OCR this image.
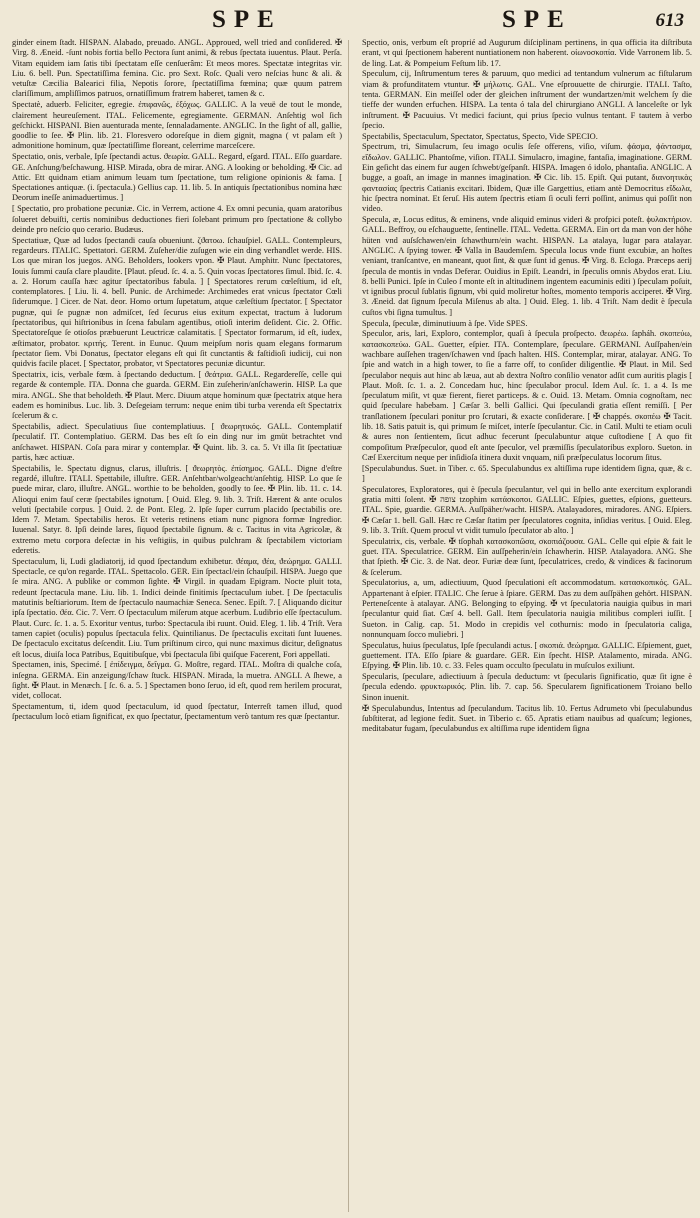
SPE	SPE	613

ginder einem ſtadt. HISPAN. Alabado, preuado. ANGL. Approued, well tried and conſidered. ✠ Virg. 8. Æneid. ‑ſunt nobis fortia bello Pectora ſunt animi, & rebus ſpectata iuuentus. Plaut. Perſa. Vitam equidem iam ſatis tibi ſpectatam eſſe cenſuerâm: Et meos mores. Spectatæ integritas vir. Liu. 6. bell. Pun. Spectatiſſima femina. Cic. pro Sext. Roſc. Quali vero neſcias hunc & ali. & vetuſtæ Cæcilia Balearici filia, Nepotis ſorore, ſpectatiſſima fœmina; quæ quum patrem clariſſimum, ampliſſimos patruos, ornatiſſimum fratrem haberet, tamen & c.

Spectatè, aduerb. Feliciter, egregie. ἐπιφανῶς, ἐξόχως. GALLIC. A la veuë de tout le monde, clairement heureuſement. ITAL. Felicemente, egregiamente. GERMAN. Anſehtig wol ſich geſchickt. HISPANI. Bien auenturada mente, ſennaladamente. ANGLIC. In the ſight of all, gallie, goodlie to ſee. ✠ Plin. lib. 21. Floresvero odoreſque in diem gignit, magna ( vt palam eſt ) admonitione hominum, quæ ſpectatiſſime floreant, celerrime marceſcere.

Spectatio, onis, verbale, Ipſe ſpectandi actus. ϑεωρία. GALL. Regard, eſgard. ITAL. Eſſo guardare. GE. Anſchung/beſchawung. HISP. Mirada, obra de mirar. ANG. A looking or beholding. ✠ Cic. ad Attic. Ett quidnam etiam animum leuam tum ſpectatione, tum religione opinionis & fama. [ Spectationes antiquæ. (i. ſpectacula.) Gellius cap. 11. lib. 5. In antiquis ſpectationibus nomina hæc Deorum ineſſe animaduertimus. ]

[ Spectatio, pro probatione pecuniæ. Cic. in Verrem, actione 4. Ex omni pecunia, quam aratoribus ſolueret debuiſti, certis nominibus deductiones fieri ſolebant primum pro ſpectatione & collybo deinde pro neſcio quo cerario. Budæus.

Spectatiuæ, Quæ ad ludos ſpectandi cauſa obueniunt. ζϑατοω. ſchauſpiel. GALL. Contempleurs, regardeurs. ITALIC. Spettatori. GERM. Zuſeher/die zuſugen wie ein ding verhandlet werde. HIS. Los que miran los juegos. ANG. Beholders, lookers vpon. ✠ Plaut. Amphitr. Nunc ſpectatores, Iouis ſummi cauſa clare plaudite. [Plaut. pſeud. ſc. 4. a. 5. Quin vocas ſpectatores ſimul. Ibid. ſc. 4. a. 2. Horum cauſſa hæc agitur ſpectatoribus fabula. ] [ Spectatores rerum cœleſtium, id eſt, contemplatores. [ Liu. li. 4. bell. Punic. de Archimede: Archimedes erat vnicus ſpectator Cœli ſiderumque. ] Cicer. de Nat. deor. Homo ortum ſupetatum, atque cæleſtium ſpectator. [ Spectator pugnæ, qui ſe pugnæ non admiſcet, ſed ſecurus eius exitum expectat, tractum à ludorum ſpectatoribus, qui hiſtrionibus in ſcena fabulam agentibus, otioſi interim deſident. Cic. 2. Offic. Spectatoreſque ſe otioſos præbuerunt Leuctricæ calamitatis. [ Spectator formarum, id eſt, iudex, æſtimator, probator. κριτής. Terent. in Eunuc. Quum meipſum noris quam elegans formarum ſpectator ſiem. Vbi Donatus, ſpectator elegans eſt qui ſit cunctantis & faſtidioſi iudicij, cui non quidvis facile placet. [ Spectator, probator, vt Spectatores pecuniæ dicuntur.

Spectatrix, icis, verbale fœm. à ſpectando deductum. [ ϑεάτρια. GALL. Regardereſſe, celle qui regarde & contemple. ITA. Donna che guarda. GERM. Ein zuſeherin/anſchawerin. HISP. La que mira. ANGL. She that beholdeth. ✠ Plaut. Merc. Diuum atque hominum quæ ſpectatrix atque hera eadem es hominibus. Luc. lib. 3. Deſegeiam terrum: neque enim tibi turba verenda eſt Spectatrix ſcelerum & c.

Spectabilis, adiect. Speculatiuus ſiue contemplatiuus. [ ϑεωρητικός. GALL. Contemplatif ſpeculatif. IT. Contemplatiuo. GERM. Das bes eſt ſo ein ding nur im gmüt betrachtet vnd anſchawet. HISPAN. Coſa para mirar y contemplar. ✠ Quint. lib. 3. ca. 5. Vt illa ſit ſpectatiuæ partis, hæc actiuæ.

Spectabilis, le. Spectatu dignus, clarus, illuſtris. [ ϑεωρητὸς. ἐπίσημος. GALL. Digne d'eſtre regardé, illuſtre. ITALI. Spettabile, illuſtre. GER. Anſehtbar/wolgeacht/anſehtig. HISP. Lo que ſe puede mirar, claro, illuſtre. ANGL. worthie to be beholden, goodly to ſee. ✠ Plin. lib. 11. c. 14. Alioqui enim fauſ ceræ ſpectabiles ignotum. [ Ouid. Eleg. 9. lib. 3. Triſt. Hærent & ante oculos veluti ſpectabile corpus. ] Ouid. 2. de Pont. Eleg. 2. Ipſe ſuper currum placido ſpectabilis ore. Idem 7. Metam. Spectabilis heros. Et veteris retinens etiam nunc pignora formæ Ingredior. Iuuenal. Satyr. 8. Ipſi deinde lares, ſiquod ſpectabile ſignum. & c. Tacitus in vita Agricolæ, & extremo metu corpora deſectæ in his veſtigiis, in quibus pulchram & ſpectabilem victoriam ederetis.

Spectaculum, li, Ludi gladiatorij, id quod ſpectandum exhibetur. ϑέαμα, ϑέα, ϑεώρημα. GALLI. Spectacle, ce qu'on regarde. ITAL. Spettacolo. GER. Ein ſpectacl/ein ſchauſpil. HISPA. Juego que ſe mira. ANG. A publike or common ſighte. ✠ Virgil. in quadam Epigram. Nocte pluit tota, redeunt ſpectacula mane. Liu. lib. 1. Indici deinde finitimis ſpectaculum iubet. [ De ſpectaculis matutinis beſtiariorum. Item de ſpectaculo naumachiæ Seneca. Senec. Epiſt. 7. [ Aliquando dicitur ipſa ſpectatio. ϑέα. Cic. 7. Verr. O ſpectaculum miſerum atque acerbum. Ludibrio eſſe ſpectaculum. Plaut. Curc. ſc. 1. a. 5. Exoritur ventus, turbo: Spectacula ibi ruunt. Ouid. Eleg. 1. lib. 4 Triſt. Vera tamen capiet (oculis) populus ſpectacula felix. Quintilianus. De ſpectaculis excitati ſunt Iuuenes. De ſpectaculo excitatus deſcendit. Liu. Tum priſtinum circo, qui nunc maximus dicitur, deſignatus eſt locus, diuiſa loca Patribus, Equitibuſque, vbi ſpectacula ſibi quiſque Facerent, Fori appellati.

Spectamen, inis, Specimé. [ ἐπίδειγμα, δεῖγμα. G. Moſtre, regard. ITAL. Moſtra di qualche coſa, inſegna. GERMA. Ein anzeigung/ſchaw ſtuck. HISPAN. Mirada, la muetra. ANGLI. A ſhewe, a ſight. ✠ Plaut. in Menæch. [ ſc. 6. a. 5. ] Spectamen bono ſeruo, id eſt, quod rem herilem procurat, videt, collocat.

Spectamentum, ti, idem quod ſpectaculum, id quod ſpectatur, Interreſt tamen illud, quod ſpectaculum locò etiam ſignificat, ex quo ſpectatur, ſpectamentum verò tantum res quæ ſpectantur.

Spectio, onis, verbum eſt proprié ad Augurum diſciplinam pertinens, in qua officia ita diſtributa erant, vt qui ſpectionem haberent nuntiationem non haberent. οἰωνοσκοπία. Vide Varronem lib. 5. de ling. Lat. & Pompeium Feſtum lib. 17.

Speculum, cij, Inſtrumentum teres & paruum, quo medici ad tentandum vulnerum ac fiſtularum viam & profunditatem vtuntur. ✠ μήλωτις. GAL. Vne eſprouuette de chirurgie. ITALI. Taſto, tenta. GERMAN. Ein meiſſel oder der gleichen inſtrument der wundartzen/mit welchem ſy die tieffe der wunden erfuchen. HISPA. La tenta ó tala del chirurgiano ANGLI. A lanceleſte or lyk inſtrument. ✠ Pacuuius. Vt medici faciunt, qui prius ſpecio vulnus tentant. F tautem à verbo ſpecio.

Spectabilis, Spectaculum, Spectator, Spectatus, Specto, Vide SPECIO.

Spectrum, tri, Simulacrum, ſeu imago oculis ſeſe offerens, viſio, viſum. ϕάσμα, ϕάντασμα, εἴδωλον. GALLIC. Phantoſme, viſion. ITALI. Simulacro, imagine, fantaſia, imaginatione. GERM. Ein geſicht das einem fur augen ſchwebt/geſpanſt. HISPA. Imagen ó idolo, phantaſia. ANGLIC. A bugge, a goaſt, an image in mannes imagination. ✠ Cic. lib. 15. Epiſt. Qui putant, διανοητικὰς φαντασίας ſpectris Catianis excitari. Ibidem, Quæ ille Gargettius, etiam antè Democritus εἴδωλα, hic ſpectra nominat. Et ſeruſ. His autem ſpectris etiam ſi oculi ferri poſſint, animus qui poſſit non video.

Specula, æ, Locus editus, & eminens, vnde aliquid eminus videri & profpici poteſt. ϕυλακτήριον. GALL. Beffroy, ou eſchauguette, ſentinelle. ITAL. Vedetta. GERMA. Ein ort da man von der höhe hüten vnd auſsſchawen/ein ſchawthurn/ein wacht. HISPAN. La atalaya, lugar para atalayar. ANGLIC. A ſpying tower. ✠ Valla in Baudemſem. Specula locus vnde fiunt excubiæ, an hoſtes veniant, tranſcantve, en maneant, quot ſint, & quæ ſunt id genus. ✠ Virg. 8. Ecloga. Præceps aerij ſpecula de montis in vndas Deferar. Ouidius in Epiſt. Leandri, in ſpeculis omnis Abydos erat. Liu. 8. belli Punici. Ipſe in Culeo ſ monte eſt in altitudinem ingentem eacuminis editi ) ſpeculam poſuit, vt ignibus procul ſublatis ſignum, vbi quid moliretur hoſtes, momento temporis acciperet. ✠ Virg. 3. Æneid. dat ſignum ſpecula Miſenus ab alta. ] Ouid. Eleg. 1. lib. 4 Triſt. Nam dedit è ſpecula cuſtos vbi ſigna tumultus. ]

Specula, ſpeculæ, diminutiuum à ſpe. Vide SPES.

Speculor, aris, lari, Exploro, contemplor, quaſi à ſpecula proſpecto. ϑεωρέω. ſapháh. σκοπεύω, κατασκοπεύω. GAL. Guetter, eſpier. ITA. Contemplare, ſpeculare. GERMANI. Auſſpahen/ein wachbare auſſehen tragen/ſchawen vnd ſpach halten. HIS. Contemplar, mirar, atalayar. ANG. To ſpie and watch in a high tower, to ſie a farre off, to conſider diligentlie. ✠ Plaut. in Mil. Sed ſpeculabor nequis aut hinc ab læua, aut ab dextra Noſtro conſilio venator adſit cum auritis plagis [ Plaut. Moſt. ſc. 1. a. 2. Concedam huc, hinc ſpeculabor procul. Idem Aul. ſc. 1. a 4. Is me ſpeculatum miſit, vt quæ fierent, fieret particeps. & c. Ouid. 13. Metam. Omnia cognoſtam, nec quid ſpeculare habebam. ] Cæſar 3. belli Gallici. Qui ſpeculandi gratia eſſent remiſſi. [ Per tranſlationem ſpeculari ponitur pro ſcrutari, & exacte conſiderare. [ ✠ chappés. σκοπέω ✠ Tacit. lib. 18. Satis patuit is, qui primum ſe miſcet, interſe ſpeculantur. Cic. in Catil. Multi te etiam oculi & aures non ſentientem, ſicut adhuc fecerunt ſpeculabuntur atque cuſtodiene [ A quo fit compoſitum Præſpeculor, quod eſt ante ſpeculor, vel præmiſſis ſpeculatoribus exploro. Sueton. in Cæſ Exercitum neque per inſidioſa itinera duxit vnquam, niſi præſpeculatus locorum ſitus.

[Speculabundus. Suet. in Tiber. c. 65. Speculabundus ex altiſſima rupe identidem ſigna, quæ, & c. ]

Speculatores, Exploratores, qui è ſpecula ſpeculantur, vel qui in bello ante exercitum explorandi gratia mitti ſolent. ✠ צופה tzophim κατάσκοποι. GALLIC. Eſpies, guettes, eſpions, guetteurs. ITAL. Spie, guardie. GERMA. Auſſpäher/wacht. HISPA. Atalayadores, miradores. ANG. Eſpiers. ✠ Cæſar 1. bell. Gall. Hæc re Cæſar ſtatim per ſpeculatores cognita, inſidias veritus. [ Ouid. Eleg. 9. lib. 3. Triſt. Quem procul vt vidit tumulo ſpeculator ab alto. ]

Speculatrix, cis, verbale. ✠ tſophah κατασκοπῶσα, σκοπιάζουσα. GAL. Celle qui eſpie & fait le guet. ITA. Speculatrice. GERM. Ein auſſpeherin/ein ſchawherin. HISP. Atalayadora. ANG. She that ſpieth. ✠ Cic. 3. de Nat. deor. Furiæ deæ ſunt, ſpeculatrices, credo, & vindices & facinorum & ſcelerum.

Speculatorius, a, um, adiectiuum, Quod ſpeculationi eſt accommodatum. κατασκοπικός. GAL. Appartenant à eſpier. ITALIC. Che ſerue à ſpiare. GERM. Das zu dem auſſpähen gehört. HISPAN. Perteneſcente à atalayar. ANG. Belonging to eſpying. ✠ vt ſpeculatoria nauigia quibus in mari ſpeculantur quid ſiat. Cæſ 4. bell. Gall. Item ſpeculatoria nauigia militibus compleri iuſſit. [ Sueton. in Calig. cap. 51. Modo in crepidis vel cothurnis: modo in ſpeculatoria caliga, nonnunquam ſocco muliebri. ]

Speculatus, huius ſpeculatus, Ipſe ſpeculandi actus. [ σκοπιά. ϑεώρημα. GALLIC. Eſpiement, guet, guettement. ITA. Eſſo ſpiare & guardare. GER. Ein ſpecht. HISP. Atalamento, mirada. ANG. Eſpying. ✠ Plin. lib. 10. c. 33. Feles quam occulto ſpeculatu in muſculos exiliunt.

Specularis, ſpeculare, adiectiuum à ſpecula deductum: vt ſpecularis ſignificatio, quæ ſit igne è ſpecula edendo. φρυκτωρικός. Plin. lib. 7. cap. 56. Specularem ſignificationem Troiano bello Sinon inuenit.

✠ Speculabundus, Intentus ad ſpeculandum. Tacitus lib. 10. Fertus Adrumeto vbi ſpeculabundus ſubſtiterat, ad legione fedit. Suet. in Tiberio c. 65. Apratis etiam nauibus ad quaſcum; legiones, meditabatur fugam, ſpeculabundus ex altiſſima rupe identidem ſigna
